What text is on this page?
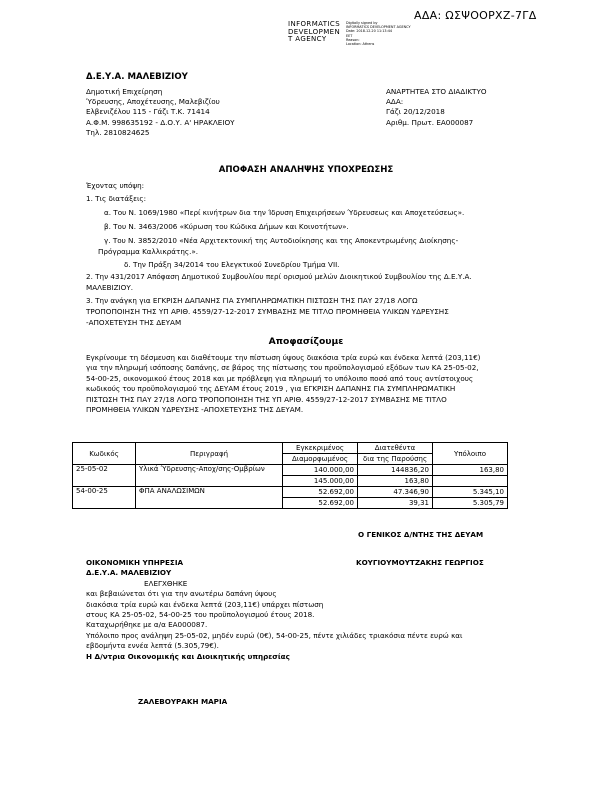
ΑΔΑ: ΩΣΨΟΟΡΧΖ-7ΓΔ
INFORMATICS
DEVELOPMEN
T AGENCY
Digitally signed by
INFORMATICS DEVELOPMENT AGENCY
Date: 2018.12.20 11:13:44
EET
Reason:
Location: Athens
Δ.Ε.Υ.Α. ΜΑΛΕΒΙΖΙΟΥ
Δημοτική Επιχείρηση
Ύδρευσης, Αποχέτευσης, Μαλεβιζίου
Ελβενιζέλου 115 - Γάζι Τ.Κ. 71414
Α.Φ.Μ. 998635192 - Δ.Ο.Υ. Α' ΗΡΑΚΛΕΙΟΥ
Τηλ. 2810824625
ΑΝΑΡΤΗΤΕΑ ΣΤΟ ΔΙΑΔΙΚΤΥΟ
ΑΔΑ:
Γάζι 20/12/2018
Αριθμ. Πρωτ. ΕΑ000087
ΑΠΟΦΑΣΗ ΑΝΑΛΗΨΗΣ ΥΠΟΧΡΕΩΣΗΣ
Έχοντας υπόψη:
1. Τις διατάξεις:
α. Του Ν. 1069/1980 «Περί κινήτρων δια την Ίδρυση Επιχειρήσεων Ύδρευσεως και Αποχετεύσεως».
β. Του Ν. 3463/2006 «Κύρωση του Κώδικα Δήμων και Κοινοτήτων».
γ. Του Ν. 3852/2010 «Νέα Αρχιτεκτονική της Αυτοδιοίκησης και της Αποκεντρωμένης Διοίκησης-
Πρόγραμμα Καλλικράτης.».
δ. Την Πράξη 34/2014 του Ελεγκτικού Συνεδρίου Τμήμα VII.
2. Την 431/2017 Απόφαση Δημοτικού Συμβουλίου περί ορισμού μελών Διοικητικού Συμβουλίου της Δ.Ε.Υ.Α.
ΜΑΛΕΒΙΖΙΟΥ.
3. Την ανάγκη για ΕΓΚΡΙΣΗ ΔΑΠΑΝΗΣ ΓΙΑ ΣΥΜΠΛΗΡΩΜΑΤΙΚΗ ΠΙΣΤΩΣΗ ΤΗΣ ΠΑΥ 27/18 ΛΟΓΩ
ΤΡΟΠΟΠΟΙΗΣΗ ΤΗΣ ΥΠ ΑΡΙΘ. 4559/27-12-2017 ΣΥΜΒΑΣΗΣ ΜΕ ΤΙΤΛΟ ΠΡΟΜΗΘΕΙΑ ΥΛΙΚΩΝ ΥΔΡΕΥΣΗΣ
-ΑΠΟΧΕΤΕΥΣΗ ΤΗΣ ΔΕΥΑΜ
Αποφασίζουμε
Εγκρίνουμε τη δέσμευση και διαθέτουμε την πίστωση ύψους διακόσια τρία ευρώ και ένδεκα λεπτά (203,11€)
για την πληρωμή ισόποσης δαπάνης, σε βάρος της πίστωσης του προϋπολογισμού εξόδων των ΚΑ 25-05-02,
54-00-25, οικονομικού έτους 2018 και με πρόβλεψη για πληρωμή το υπόλοιπο ποσό από τους αντίστοιχους
κωδικούς του προϋπολογισμού της ΔΕΥΑΜ έτους 2019 , για ΕΓΚΡΙΣΗ ΔΑΠΑΝΗΣ ΓΙΑ ΣΥΜΠΛΗΡΩΜΑΤΙΚΗ
ΠΙΣΤΩΣΗ ΤΗΣ ΠΑΥ 27/18 ΛΟΓΩ ΤΡΟΠΟΠΟΙΗΣΗ ΤΗΣ ΥΠ ΑΡΙΘ. 4559/27-12-2017 ΣΥΜΒΑΣΗΣ ΜΕ ΤΙΤΛΟ
ΠΡΟΜΗΘΕΙΑ ΥΛΙΚΩΝ ΥΔΡΕΥΣΗΣ -ΑΠΟΧΕΤΕΥΣΗΣ ΤΗΣ ΔΕΥΑΜ.
Κωδικός	Περιγραφή	Εγκεκριμένος	Διατεθέντα	Υπόλοιπο
		Διαμορφωμένος	δια της Παρούσης	
25-05-02	Υλικά Ύδρευσης-Αποχ/σης-Ομβρίων	140.000,00	144836,20	163,80
		145.000,00	163,80	
54-00-25	ΦΠΑ ΑΝΑΛΩΣΙΜΩΝ	52.692,00	47.346,90	5.345,10
		52.692,00	39,31	5.305,79
Ο ΓΕΝΙΚΟΣ Δ/ΝΤΗΣ ΤΗΣ ΔΕΥΑΜ
ΟΙΚΟΝΟΜΙΚΗ ΥΠΗΡΕΣΙΑ
Δ.Ε.Υ.Α. ΜΑΛΕΒΙΖΙΟΥ
ΕΛΕΓΧΘΗΚΕ
και βεβαιώνεται ότι για την ανωτέρω δαπάνη ύψους
διακόσια τρία ευρώ και ένδεκα λεπτά (203,11€) υπάρχει πίστωση
στους ΚΑ 25-05-02, 54-00-25 του προϋπολογισμού έτους 2018.
Καταχωρήθηκε με α/α ΕΑ000087.
Υπόλοιπο προς ανάληψη 25-05-02, μηδέν ευρώ (0€), 54-00-25, πέντε χιλιάδες τριακόσια πέντε ευρώ και
εβδομήντα εννέα λεπτά (5.305,79€).
Η Δ/ντρια Οικονομικής και Διοικητικής υπηρεσίας
ΚΟΥΓΙΟΥΜΟΥΤΖΑΚΗΣ ΓΕΩΡΓΙΟΣ
ΖΑΛΕΒΟΥΡΑΚΗ ΜΑΡΙΑ
